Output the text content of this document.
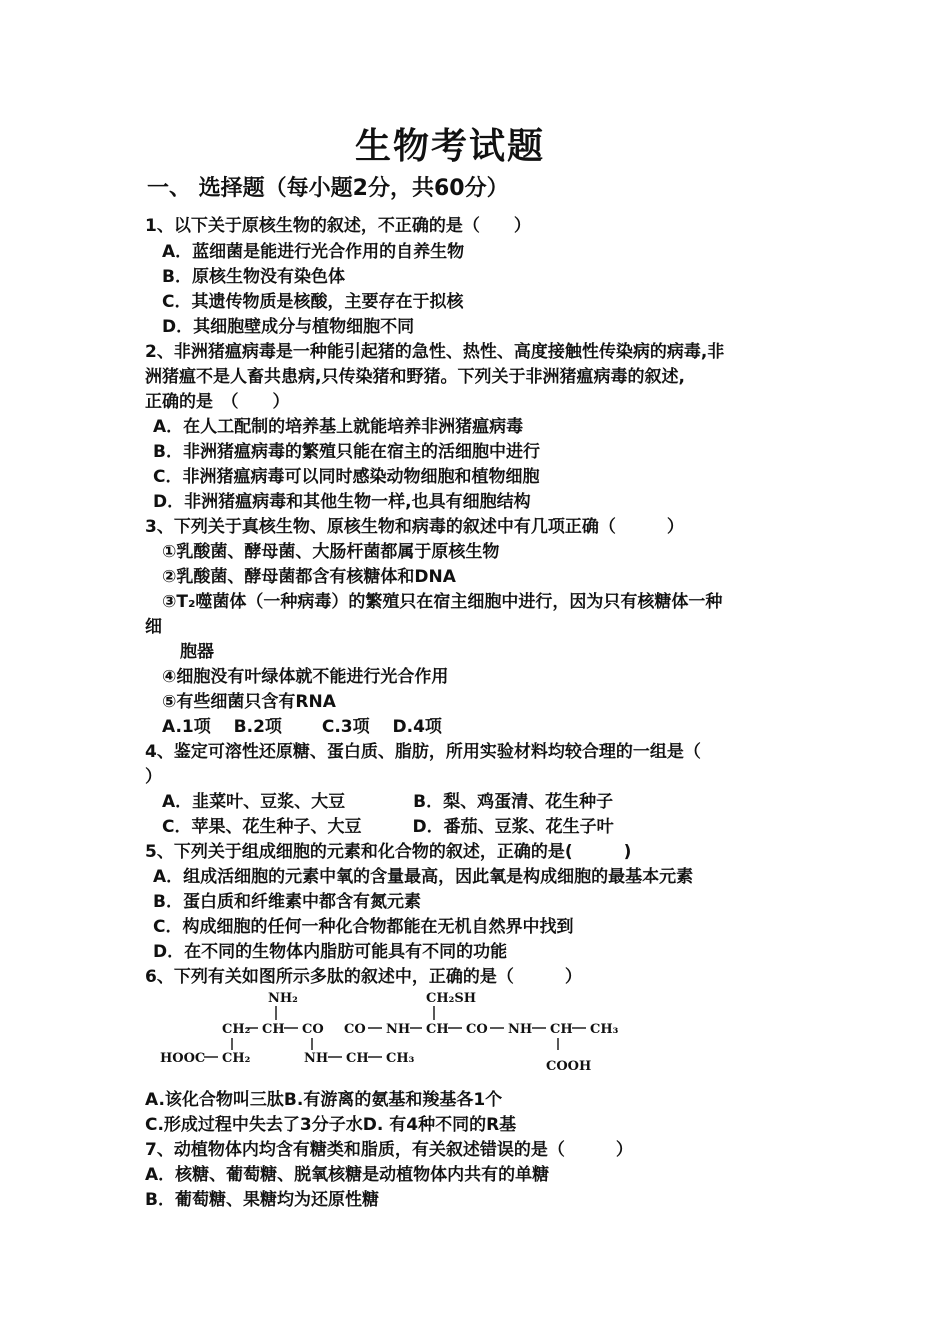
生物考试题
一、 选择题（每小题2分，共60分）
1、以下关于原核生物的叙述，不正确的是（　　）
A．蓝细菌是能进行光合作用的自养生物
B．原核生物没有染色体
C．其遗传物质是核酸，主要存在于拟核
D．其细胞壁成分与植物细胞不同
2、非洲猪瘟病毒是一种能引起猪的急性、热性、高度接触性传染病的病毒,非
洲猪瘟不是人畜共患病,只传染猪和野猪。下列关于非洲猪瘟病毒的叙述,
正确的是　（　　）
A．在人工配制的培养基上就能培养非洲猪瘟病毒
B．非洲猪瘟病毒的繁殖只能在宿主的活细胞中进行
C．非洲猪瘟病毒可以同时感染动物细胞和植物细胞
D．非洲猪瘟病毒和其他生物一样,也具有细胞结构
3、下列关于真核生物、原核生物和病毒的叙述中有几项正确（　　　）
①乳酸菌、酵母菌、大肠杆菌都属于原核生物
②乳酸菌、酵母菌都含有核糖体和DNA
③T₂噬菌体（一种病毒）的繁殖只在宿主细胞中进行，因为只有核糖体一种
细
胞器
④细胞没有叶绿体就不能进行光合作用
⑤有些细菌只含有RNA
A.1项　 B.2项　　 C.3项　 D.4项
4、鉴定可溶性还原糖、蛋白质、脂肪，所用实验材料均较合理的一组是（
）
A．韭菜叶、豆浆、大豆　　　　B．梨、鸡蛋清、花生种子
C．苹果、花生种子、大豆　　　D．番茄、豆浆、花生子叶
5、下列关于组成细胞的元素和化合物的叙述，正确的是(　　　)
A．组成活细胞的元素中氧的含量最高，因此氧是构成细胞的最基本元素
B．蛋白质和纤维素中都含有氮元素
C．构成细胞的任何一种化合物都能在无机自然界中找到
D．在不同的生物体内脂肪可能具有不同的功能
6、下列有关如图所示多肽的叙述中，正确的是（　　　）
NH₂	CH₂SH
CH₂ CH CO CO NH CH CO NH CH CH₃
HOOC CH₂	NH CH CH₃
COOH
A.该化合物叫三肽B.有游离的氨基和羧基各1个
C.形成过程中失去了3分子水D. 有4种不同的R基
7、动植物体内均含有糖类和脂质，有关叙述错误的是（　　　）
A．核糖、葡萄糖、脱氧核糖是动植物体内共有的单糖
B．葡萄糖、果糖均为还原性糖
